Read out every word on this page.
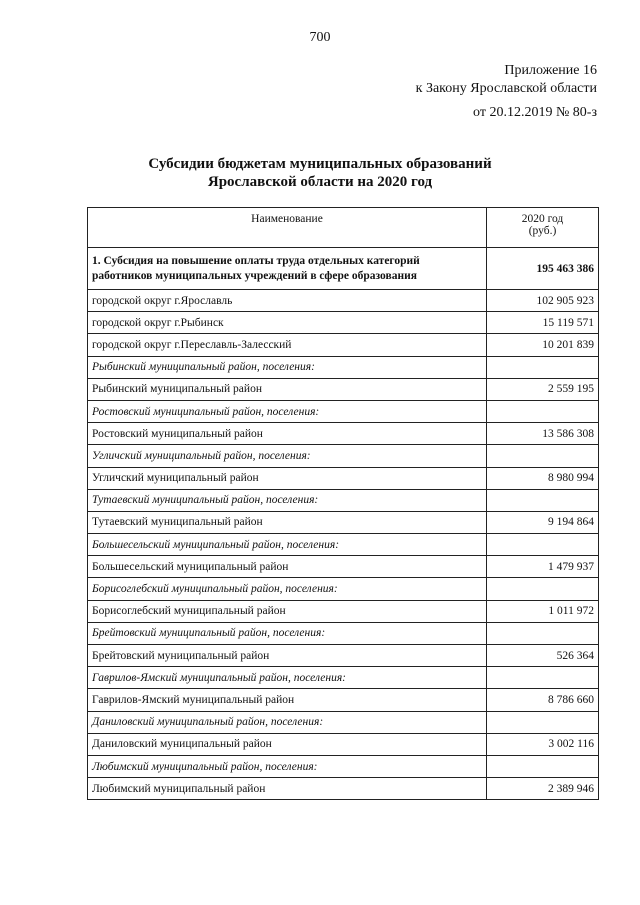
700
Приложение 16
к Закону Ярославской области
от 20.12.2019 № 80-з
Субсидии бюджетам муниципальных образований
Ярославской области на 2020 год
Наименование	2020 год
(руб.)

1. Субсидия на повышение оплаты труда отдельных категорий
работников муниципальных учреждений в сфере образования	195 463 386
городской округ г.Ярославль	102 905 923
городской округ г.Рыбинск	15 119 571
городской округ г.Переславль-Залесский	10 201 839
Рыбинский муниципальный район, поселения:	
Рыбинский муниципальный район	2 559 195
Ростовский муниципальный район, поселения:	
Ростовский муниципальный район	13 586 308
Угличский муниципальный район, поселения:	
Угличский муниципальный район	8 980 994
Тутаевский муниципальный район, поселения:	
Тутаевский муниципальный район	9 194 864
Большесельский муниципальный район, поселения:	
Большесельский муниципальный район	1 479 937
Борисоглебский муниципальный район, поселения:	
Борисоглебский муниципальный район	1 011 972
Брейтовский муниципальный район, поселения:	
Брейтовский муниципальный район	526 364
Гаврилов-Ямский муниципальный район, поселения:	
Гаврилов-Ямский муниципальный район	8 786 660
Даниловский муниципальный район, поселения:	
Даниловский муниципальный район	3 002 116
Любимский муниципальный район, поселения:	
Любимский муниципальный район	2 389 946
